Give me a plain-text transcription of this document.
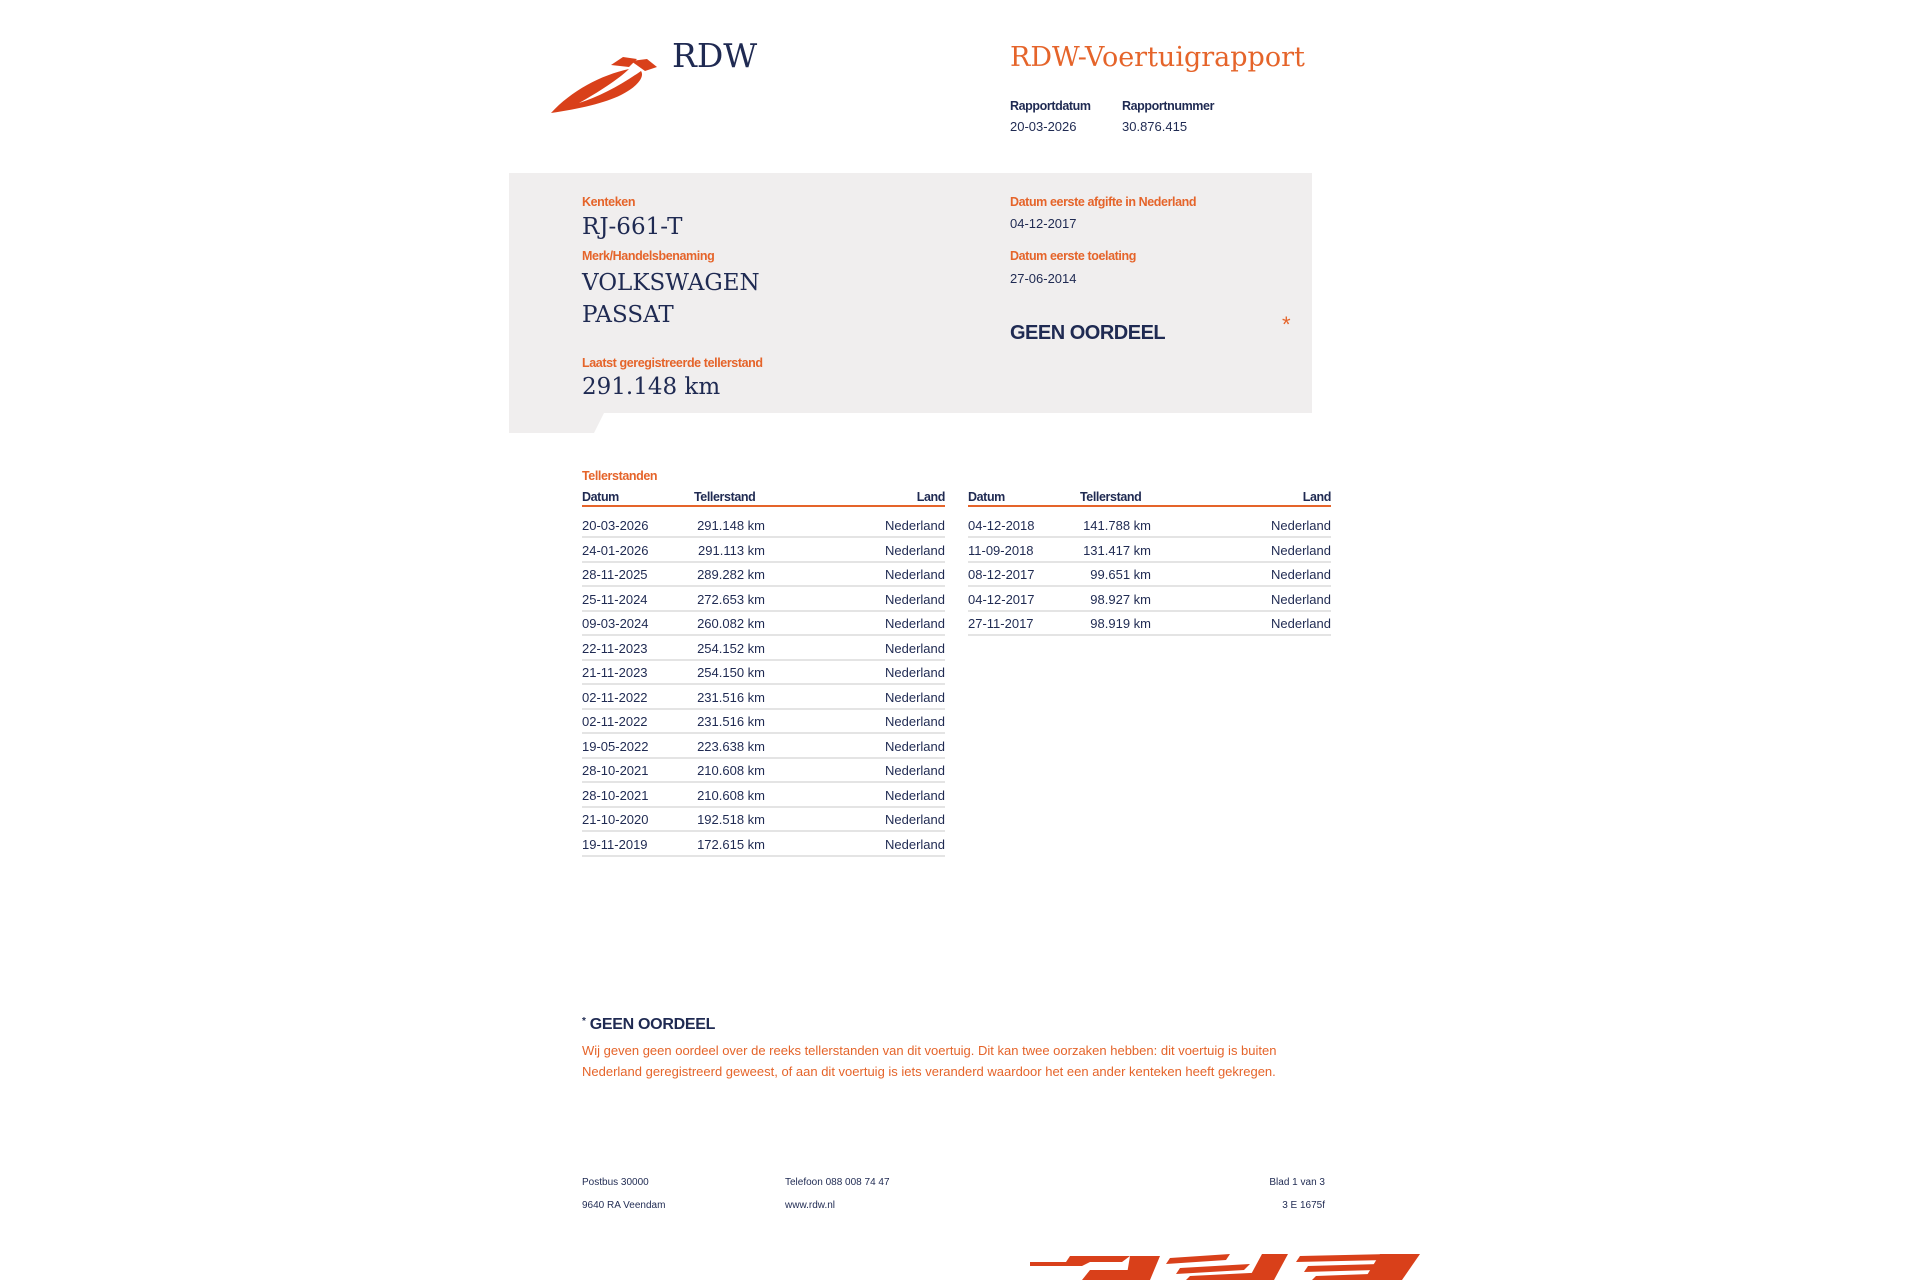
RDW	RDW-Voertuigrapport
Rapportdatum
20-03-2026
Rapportnummer
30.876.415
Kenteken
RJ-661-T
Merk/Handelsbenaming
VOLKSWAGEN
PASSAT
Laatst geregistreerde tellerstand
291.148 km
Datum eerste afgifte in Nederland
04-12-2017
Datum eerste toelating
27-06-2014
GEEN OORDEEL	*
Tellerstanden
Datum	Tellerstand	Land Datum	Tellerstand	Land
20-03-2026	291.148 km	Nederland
24-01-2026	291.113 km	Nederland
28-11-2025	289.282 km	Nederland
25-11-2024	272.653 km	Nederland
09-03-2024	260.082 km	Nederland
22-11-2023	254.152 km	Nederland
21-11-2023	254.150 km	Nederland
02-11-2022	231.516 km	Nederland
02-11-2022	231.516 km	Nederland
19-05-2022	223.638 km	Nederland
28-10-2021	210.608 km	Nederland
28-10-2021	210.608 km	Nederland
21-10-2020	192.518 km	Nederland
19-11-2019	172.615 km	Nederland
04-12-2018	141.788 km	Nederland
11-09-2018	131.417 km	Nederland
08-12-2017	99.651 km	Nederland
04-12-2017	98.927 km	Nederland
27-11-2017	98.919 km	Nederland
* GEEN OORDEEL
Wij geven geen oordeel over de reeks tellerstanden van dit voertuig. Dit kan twee oorzaken hebben: dit voertuig is buiten Nederland geregistreerd geweest, of aan dit voertuig is iets veranderd waardoor het een ander kenteken heeft gekregen.
Postbus 30000
9640 RA Veendam
Telefoon 088 008 74 47
www.rdw.nl
Blad 1 van 3
3 E 1675f
